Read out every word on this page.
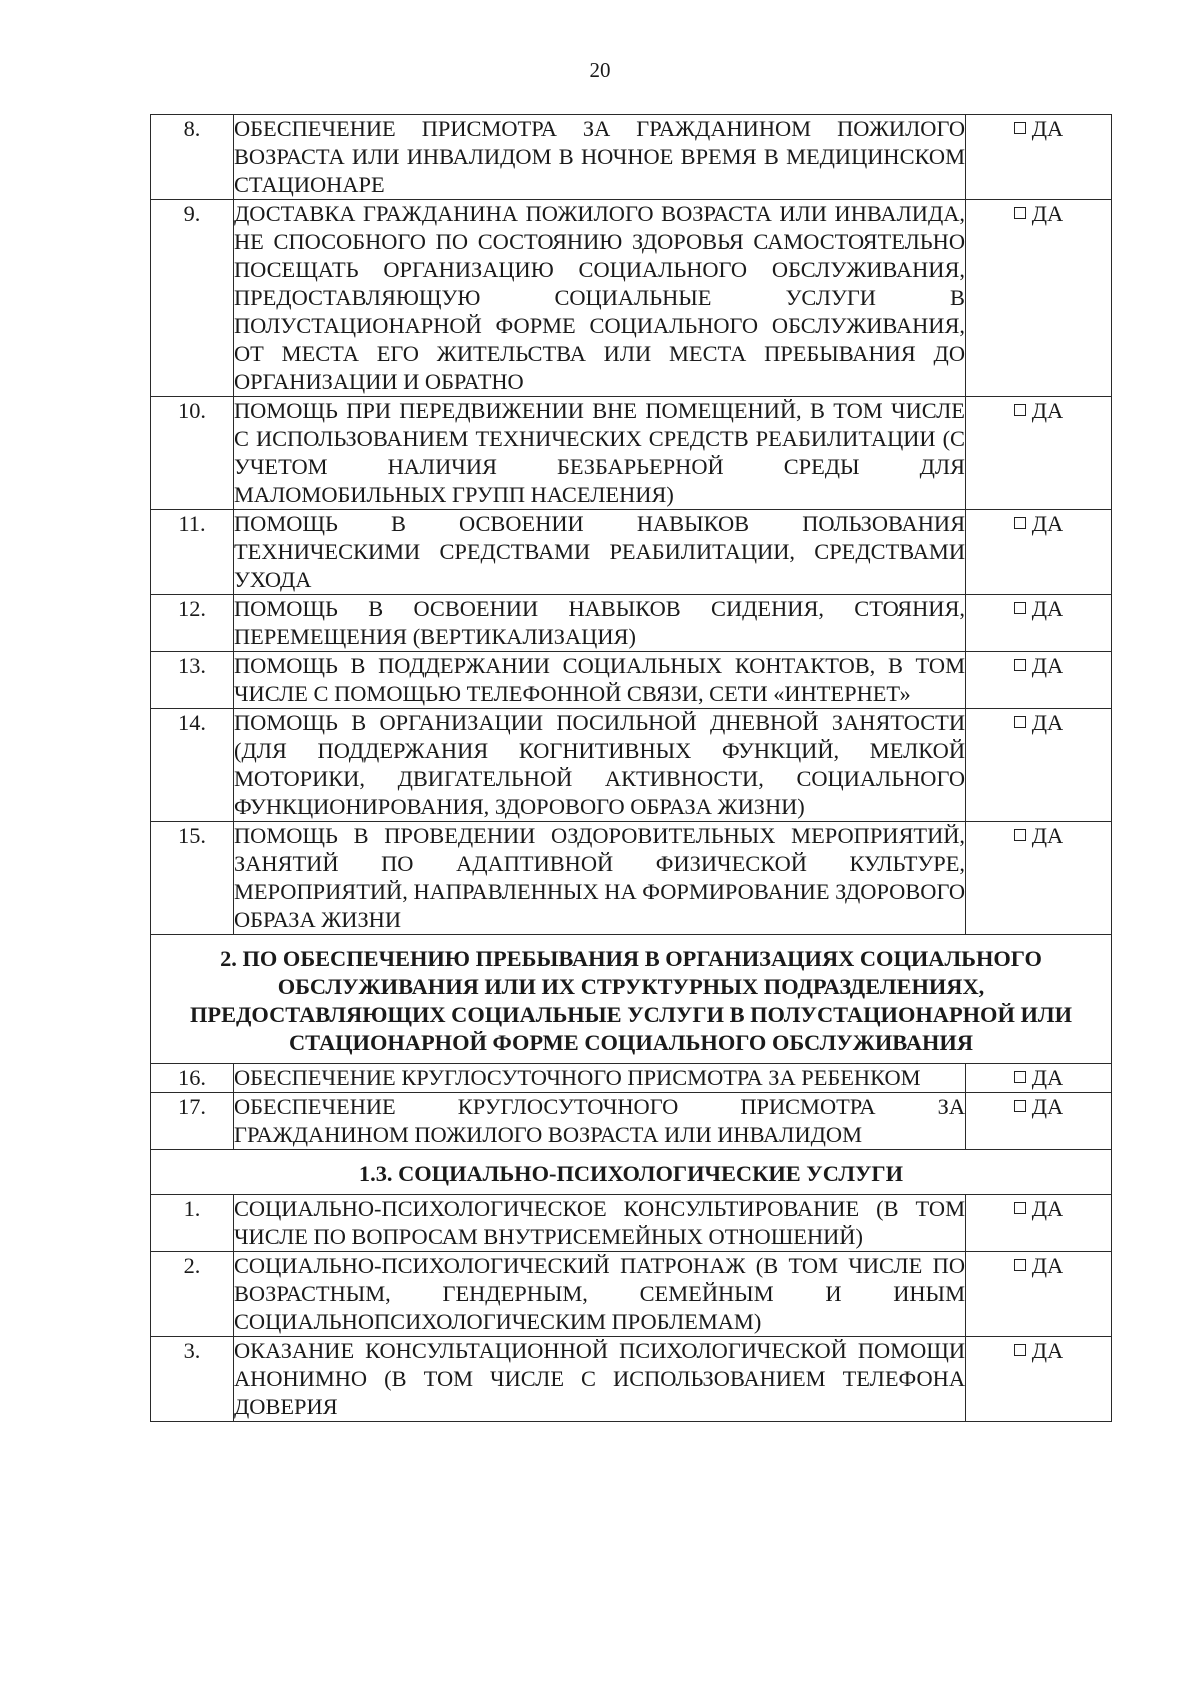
20
8.	ОБЕСПЕЧЕНИЕ ПРИСМОТРА ЗА ГРАЖДАНИНОМ ПОЖИЛОГО ВОЗРАСТА ИЛИ ИНВАЛИДОМ В НОЧНОЕ ВРЕМЯ В МЕДИЦИНСКОМ СТАЦИОНАРЕ	ДА
9.	ДОСТАВКА ГРАЖДАНИНА ПОЖИЛОГО ВОЗРАСТА ИЛИ ИНВАЛИДА, НЕ СПОСОБНОГО ПО СОСТОЯНИЮ ЗДОРОВЬЯ САМОСТОЯТЕЛЬНО ПОСЕЩАТЬ ОРГАНИЗАЦИЮ СОЦИАЛЬНОГО ОБСЛУЖИВАНИЯ, ПРЕДОСТАВЛЯЮЩУЮ СОЦИАЛЬНЫЕ УСЛУГИ В ПОЛУСТАЦИОНАРНОЙ ФОРМЕ СОЦИАЛЬНОГО ОБСЛУЖИВАНИЯ, ОТ МЕСТА ЕГО ЖИТЕЛЬСТВА ИЛИ МЕСТА ПРЕБЫВАНИЯ ДО ОРГАНИЗАЦИИ И ОБРАТНО	ДА
10.	ПОМОЩЬ ПРИ ПЕРЕДВИЖЕНИИ ВНЕ ПОМЕЩЕНИЙ, В ТОМ ЧИСЛЕ С ИСПОЛЬЗОВАНИЕМ ТЕХНИЧЕСКИХ СРЕДСТВ РЕАБИЛИТАЦИИ (С УЧЕТОМ НАЛИЧИЯ БЕЗБАРЬЕРНОЙ СРЕДЫ ДЛЯ МАЛОМОБИЛЬНЫХ ГРУПП НАСЕЛЕНИЯ)	ДА
11.	ПОМОЩЬ В ОСВОЕНИИ НАВЫКОВ ПОЛЬЗОВАНИЯ ТЕХНИЧЕСКИМИ СРЕДСТВАМИ РЕАБИЛИТАЦИИ, СРЕДСТВАМИ УХОДА	ДА
12.	ПОМОЩЬ В ОСВОЕНИИ НАВЫКОВ СИДЕНИЯ, СТОЯНИЯ, ПЕРЕМЕЩЕНИЯ (ВЕРТИКАЛИЗАЦИЯ)	ДА
13.	ПОМОЩЬ В ПОДДЕРЖАНИИ СОЦИАЛЬНЫХ КОНТАКТОВ, В ТОМ ЧИСЛЕ С ПОМОЩЬЮ ТЕЛЕФОННОЙ СВЯЗИ, СЕТИ «ИНТЕРНЕТ»	ДА
14.	ПОМОЩЬ В ОРГАНИЗАЦИИ ПОСИЛЬНОЙ ДНЕВНОЙ ЗАНЯТОСТИ (ДЛЯ ПОДДЕРЖАНИЯ КОГНИТИВНЫХ ФУНКЦИЙ, МЕЛКОЙ МОТОРИКИ, ДВИГАТЕЛЬНОЙ АКТИВНОСТИ, СОЦИАЛЬНОГО ФУНКЦИОНИРОВАНИЯ, ЗДОРОВОГО ОБРАЗА ЖИЗНИ)	ДА
15.	ПОМОЩЬ В ПРОВЕДЕНИИ ОЗДОРОВИТЕЛЬНЫХ МЕРОПРИЯТИЙ, ЗАНЯТИЙ ПО АДАПТИВНОЙ ФИЗИЧЕСКОЙ КУЛЬТУРЕ, МЕРОПРИЯТИЙ, НАПРАВЛЕННЫХ НА ФОРМИРОВАНИЕ ЗДОРОВОГО ОБРАЗА ЖИЗНИ	ДА
2. ПО ОБЕСПЕЧЕНИЮ ПРЕБЫВАНИЯ В ОРГАНИЗАЦИЯХ СОЦИАЛЬНОГО ОБСЛУЖИВАНИЯ ИЛИ ИХ СТРУКТУРНЫХ ПОДРАЗДЕЛЕНИЯХ, ПРЕДОСТАВЛЯЮЩИХ СОЦИАЛЬНЫЕ УСЛУГИ В ПОЛУСТАЦИОНАРНОЙ ИЛИ СТАЦИОНАРНОЙ ФОРМЕ СОЦИАЛЬНОГО ОБСЛУЖИВАНИЯ		
16.	ОБЕСПЕЧЕНИЕ КРУГЛОСУТОЧНОГО ПРИСМОТРА ЗА РЕБЕНКОМ	ДА
17.	ОБЕСПЕЧЕНИЕ КРУГЛОСУТОЧНОГО ПРИСМОТРА ЗА ГРАЖДАНИНОМ ПОЖИЛОГО ВОЗРАСТА ИЛИ ИНВАЛИДОМ	ДА
1.3. СОЦИАЛЬНО-ПСИХОЛОГИЧЕСКИЕ УСЛУГИ		
1.	СОЦИАЛЬНО-ПСИХОЛОГИЧЕСКОЕ КОНСУЛЬТИРОВАНИЕ (В ТОМ ЧИСЛЕ ПО ВОПРОСАМ ВНУТРИСЕМЕЙНЫХ ОТНОШЕНИЙ)	ДА
2.	СОЦИАЛЬНО-ПСИХОЛОГИЧЕСКИЙ ПАТРОНАЖ (В ТОМ ЧИСЛЕ ПО ВОЗРАСТНЫМ, ГЕНДЕРНЫМ, СЕМЕЙНЫМ И ИНЫМ СОЦИАЛЬНОПСИХОЛОГИЧЕСКИМ ПРОБЛЕМАМ)	ДА
3.	ОКАЗАНИЕ КОНСУЛЬТАЦИОННОЙ ПСИХОЛОГИЧЕСКОЙ ПОМОЩИ АНОНИМНО (В ТОМ ЧИСЛЕ С ИСПОЛЬЗОВАНИЕМ ТЕЛЕФОНА ДОВЕРИЯ	ДА
